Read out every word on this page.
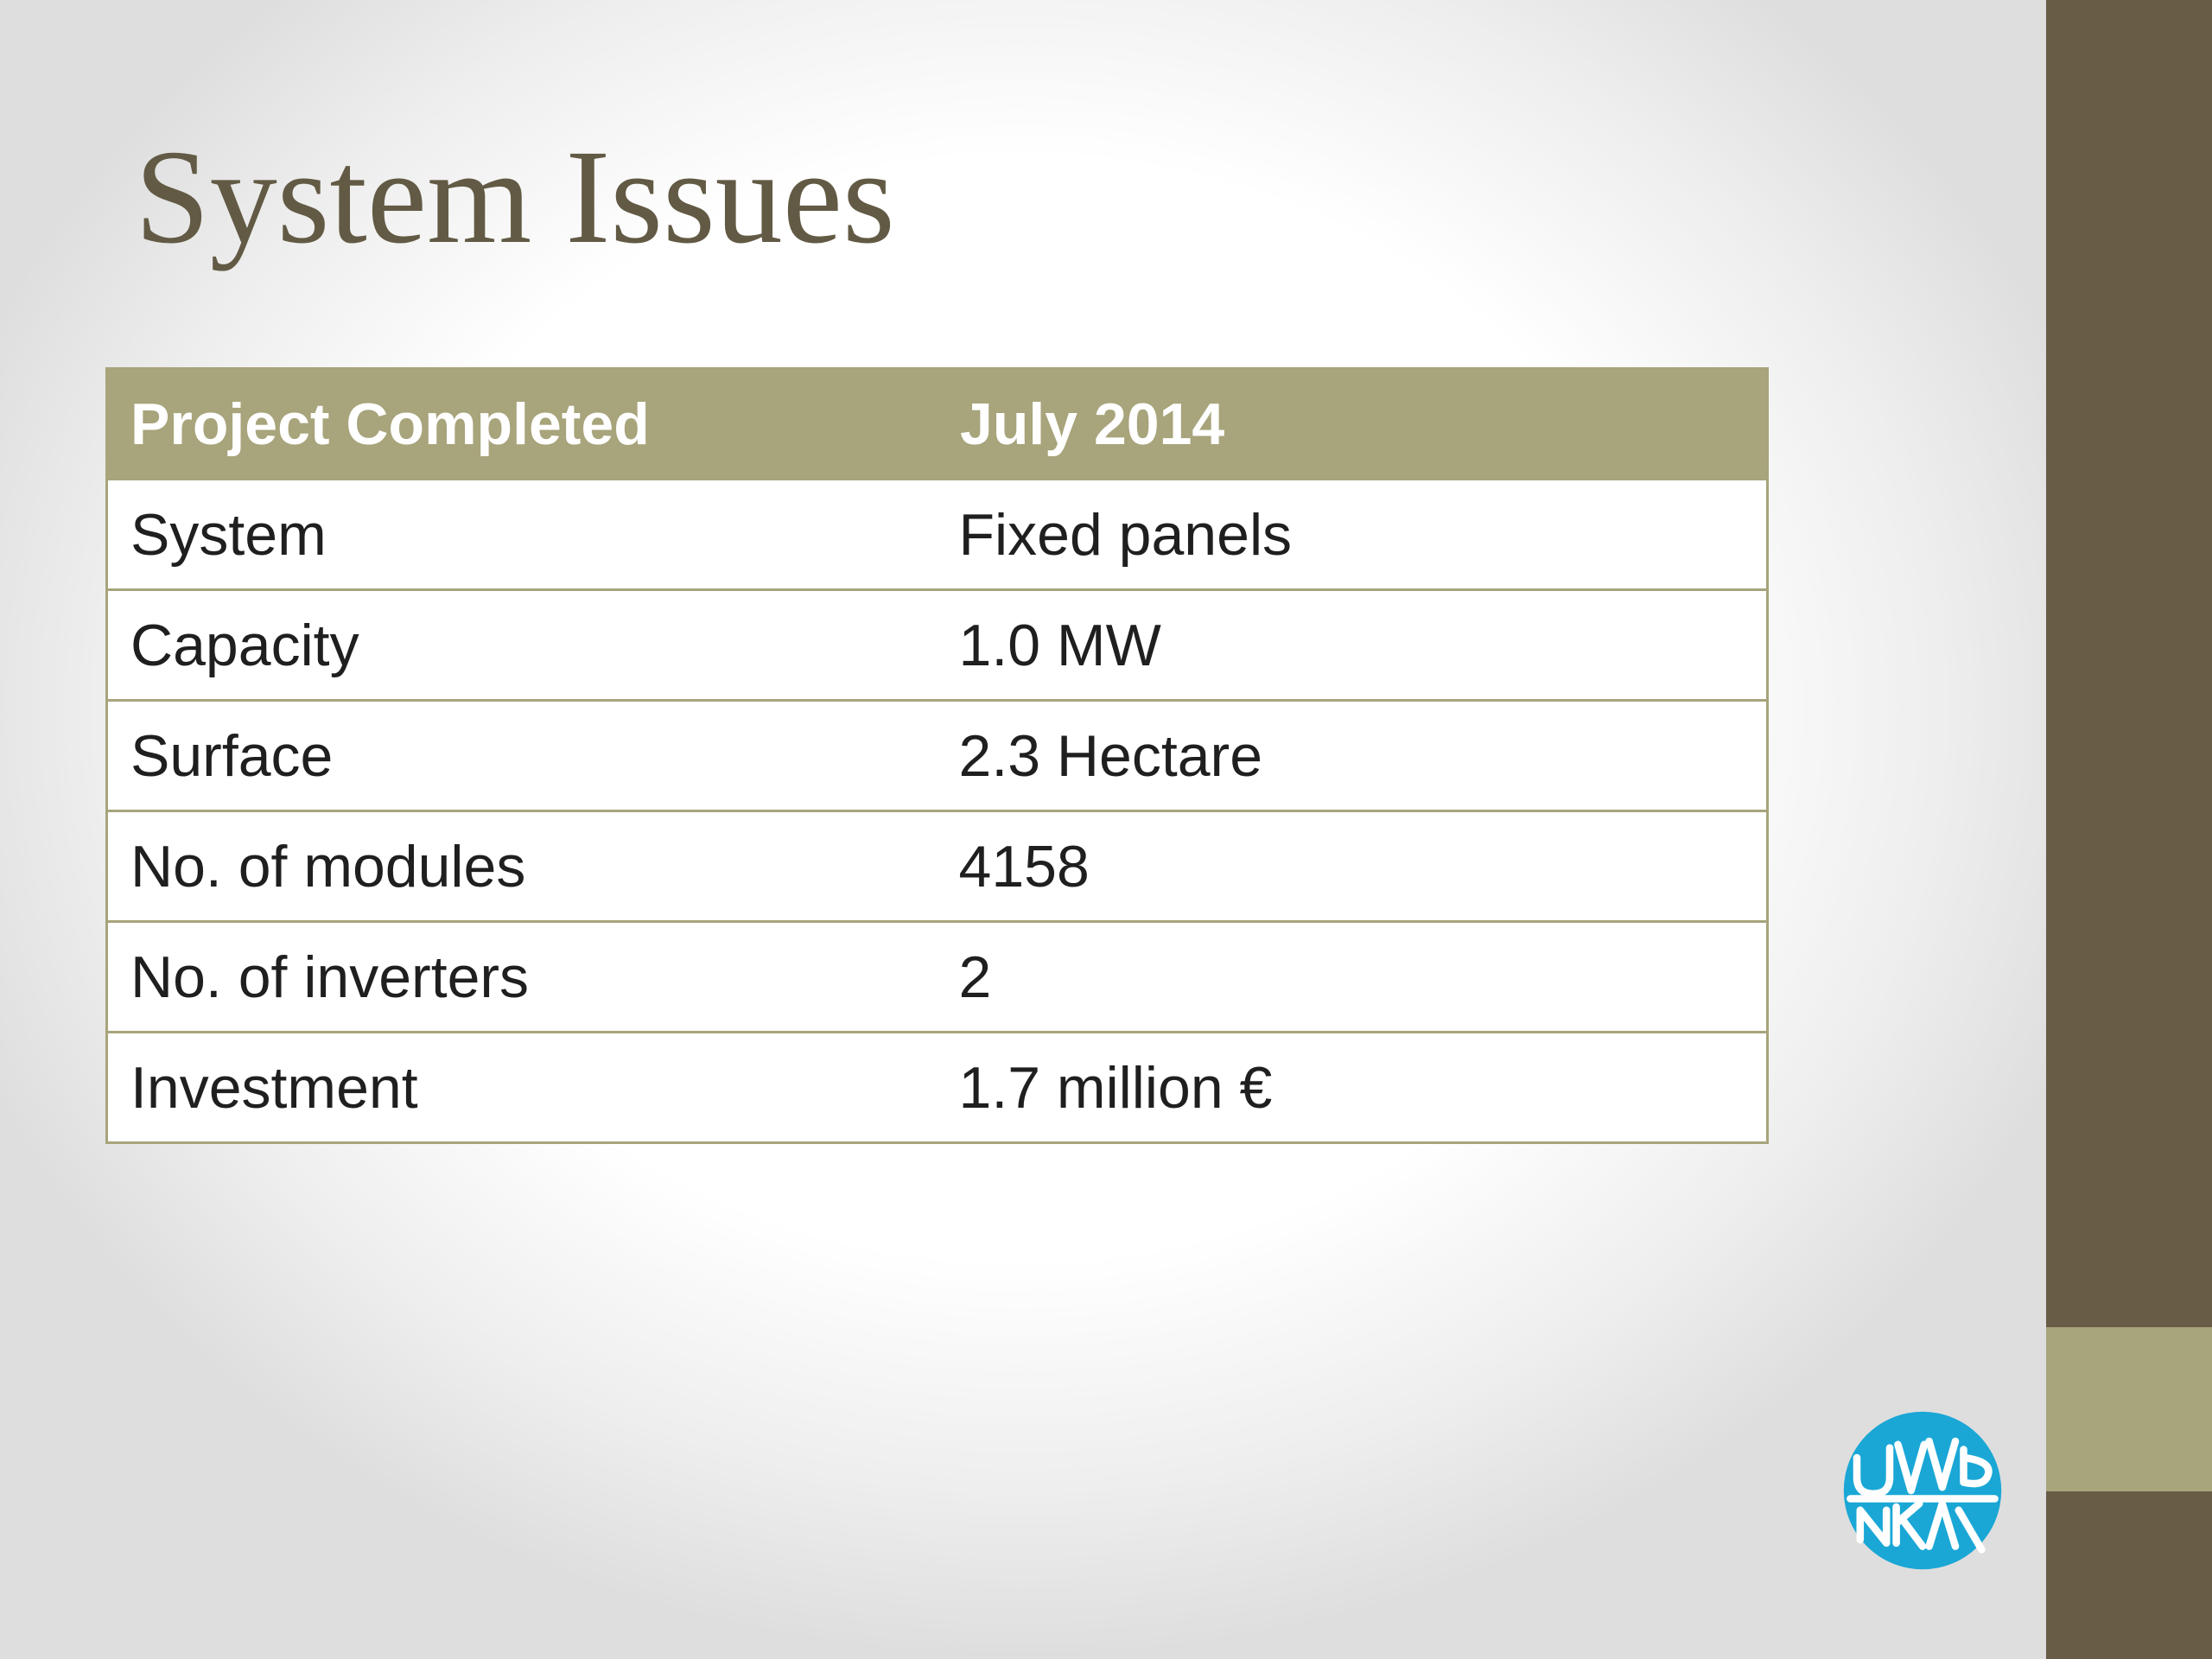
System Issues
Project Completed	July 2014
System	Fixed panels
Capacity	1.0 MW
Surface	2.3 Hectare
No. of modules	4158
No. of inverters	2
Investment	1.7 million €
